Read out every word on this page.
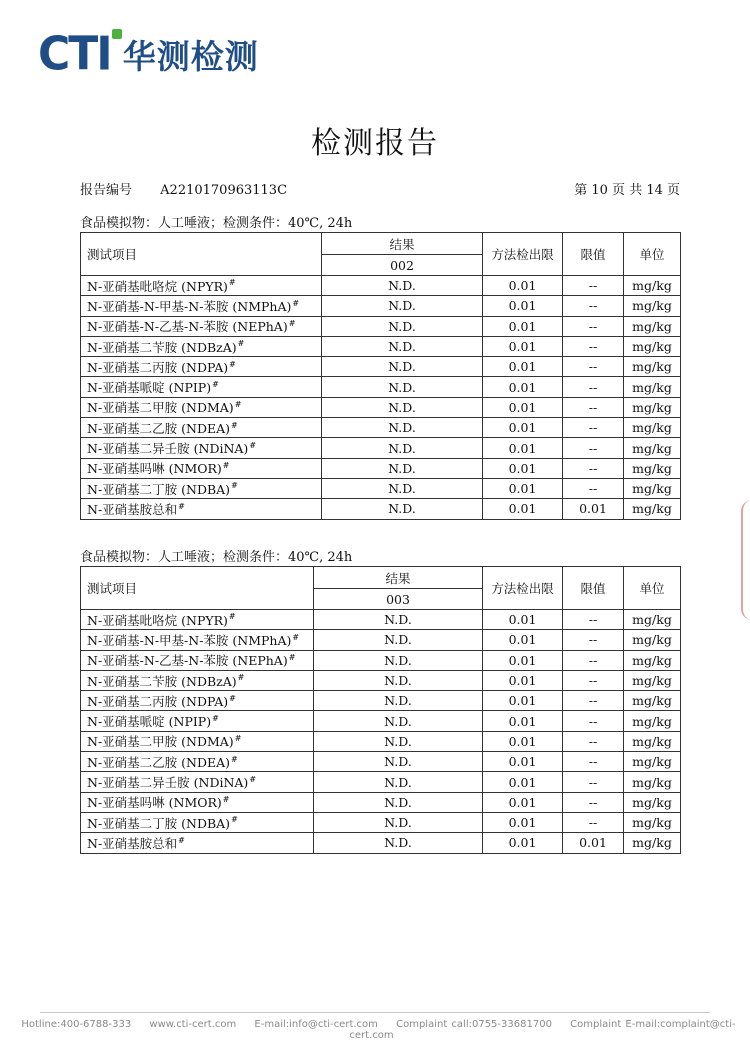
CTI 华测检测
检测报告
报告编号 A2210170963113C	第 10 页 共 14 页
食品模拟物：人工唾液；检测条件：40℃, 24h
测试项目	结果	方法检出限	限值	单位
	002			
N-亚硝基吡咯烷 (NPYR)#	N.D.	0.01	--	mg/kg
N-亚硝基-N-甲基-N-苯胺 (NMPhA)#	N.D.	0.01	--	mg/kg
N-亚硝基-N-乙基-N-苯胺 (NEPhA)#	N.D.	0.01	--	mg/kg
N-亚硝基二苄胺 (NDBzA)#	N.D.	0.01	--	mg/kg
N-亚硝基二丙胺 (NDPA)#	N.D.	0.01	--	mg/kg
N-亚硝基哌啶 (NPIP)#	N.D.	0.01	--	mg/kg
N-亚硝基二甲胺 (NDMA)#	N.D.	0.01	--	mg/kg
N-亚硝基二乙胺 (NDEA)#	N.D.	0.01	--	mg/kg
N-亚硝基二异壬胺 (NDiNA)#	N.D.	0.01	--	mg/kg
N-亚硝基吗啉 (NMOR)#	N.D.	0.01	--	mg/kg
N-亚硝基二丁胺 (NDBA)#	N.D.	0.01	--	mg/kg
N-亚硝基胺总和#	N.D.	0.01	0.01	mg/kg
食品模拟物：人工唾液；检测条件：40℃, 24h
测试项目	结果	方法检出限	限值	单位
	003			
N-亚硝基吡咯烷 (NPYR)#	N.D.	0.01	--	mg/kg
N-亚硝基-N-甲基-N-苯胺 (NMPhA)#	N.D.	0.01	--	mg/kg
N-亚硝基-N-乙基-N-苯胺 (NEPhA)#	N.D.	0.01	--	mg/kg
N-亚硝基二苄胺 (NDBzA)#	N.D.	0.01	--	mg/kg
N-亚硝基二丙胺 (NDPA)#	N.D.	0.01	--	mg/kg
N-亚硝基哌啶 (NPIP)#	N.D.	0.01	--	mg/kg
N-亚硝基二甲胺 (NDMA)#	N.D.	0.01	--	mg/kg
N-亚硝基二乙胺 (NDEA)#	N.D.	0.01	--	mg/kg
N-亚硝基二异壬胺 (NDiNA)#	N.D.	0.01	--	mg/kg
N-亚硝基吗啉 (NMOR)#	N.D.	0.01	--	mg/kg
N-亚硝基二丁胺 (NDBA)#	N.D.	0.01	--	mg/kg
N-亚硝基胺总和#	N.D.	0.01	0.01	mg/kg
Hotline:400-6788-333 www.cti-cert.com E-mail:info@cti-cert.com Complaint call:0755-33681700 Complaint E-mail:complaint@cti-cert.com
